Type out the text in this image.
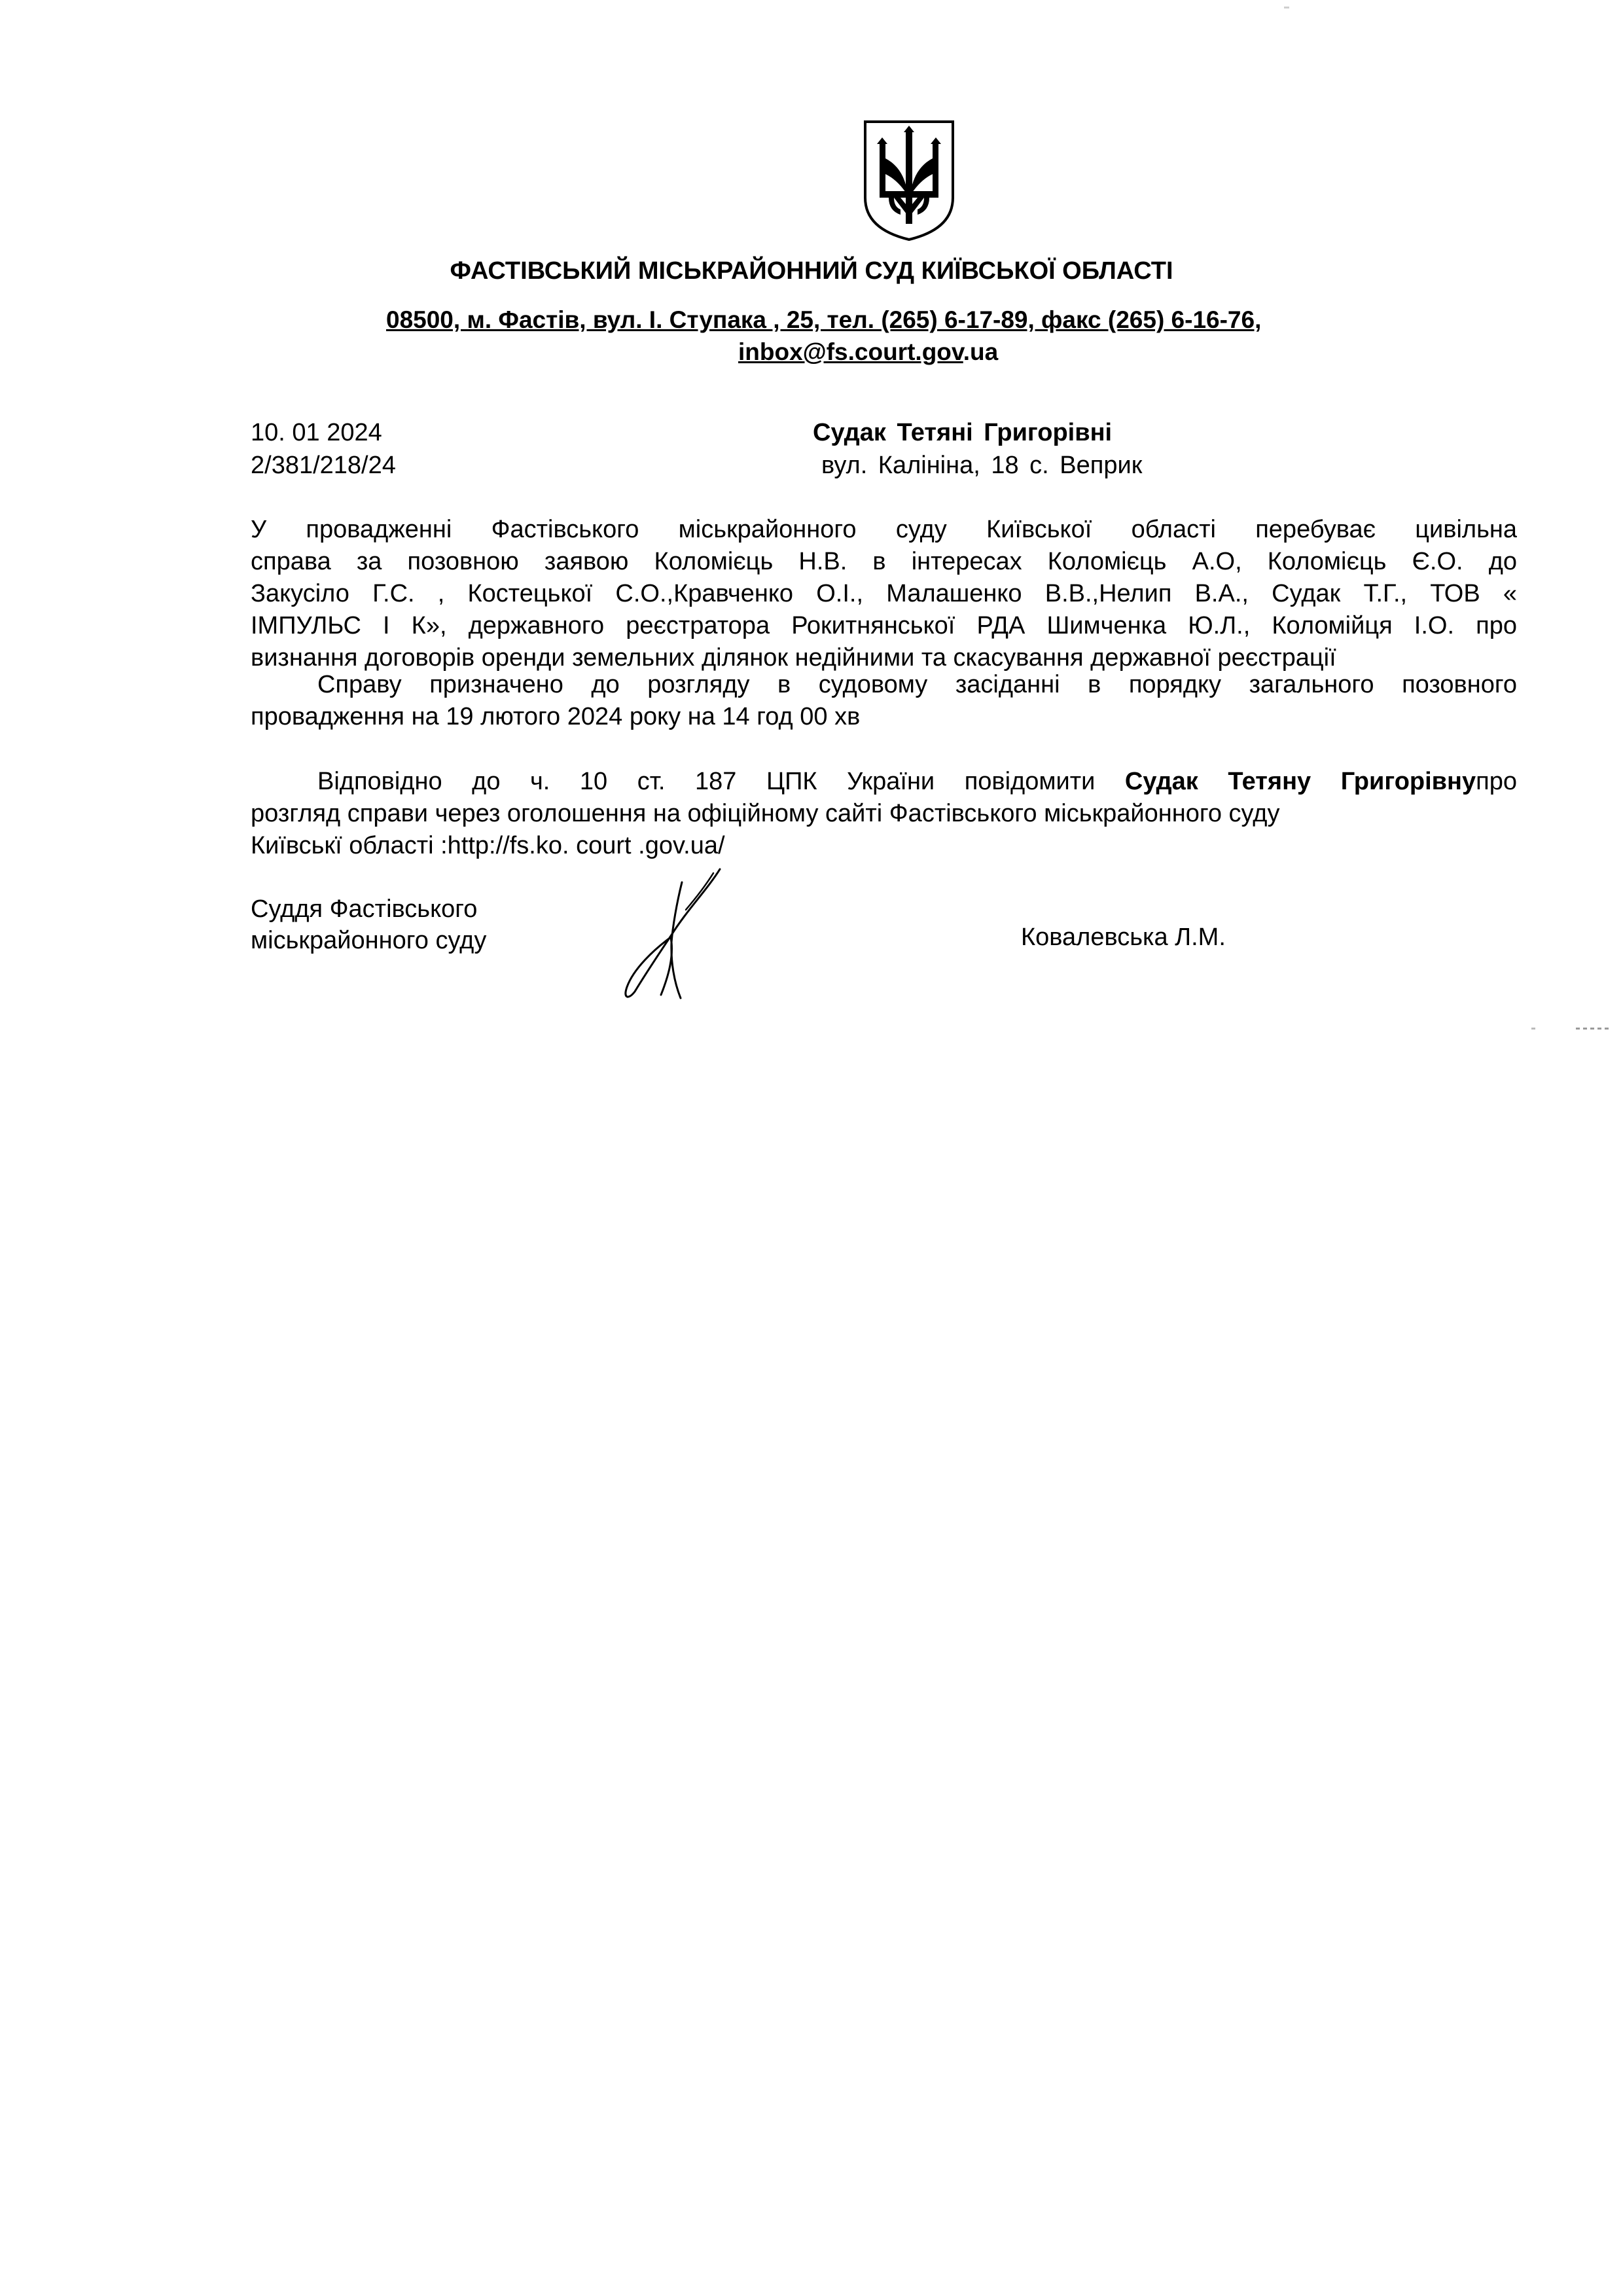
ФАСТІВСЬКИЙ МІСЬКРАЙОННИЙ СУД КИЇВСЬКОЇ ОБЛАСТІ
08500, м. Фастів, вул. І. Ступака , 25, тел. (265) 6-17-89, факс (265) 6-16-76,
inbox@fs.court.gov.ua
10. 01 2024
2/381/218/24
Судак Тетяні Григорівні
вул. Калініна, 18 с. Веприк
У провадженні Фастівського міськрайонного суду Київської області перебуває цивільна
справа за позовною заявою Коломієць Н.В. в інтересах Коломієць А.О, Коломієць Є.О. до
Закусіло Г.С. , Костецької С.О.,Кравченко О.І., Малашенко В.В.,Нелип В.А., Судак Т.Г., ТОВ «
ІМПУЛЬС І К», державного реєстратора Рокитнянської РДА Шимченка Ю.Л., Коломійця І.О. про
визнання договорів оренди земельних ділянок недійними та скасування державної реєстрації
Справу призначено до розгляду в судовому засіданні в порядку загального позовного
провадження на 19 лютого 2024 року на 14 год 00 хв
Відповідно до ч. 10 ст. 187 ЦПК України повідомити Судак Тетяну Григорівнупро
розгляд справи через оголошення на офіційному сайті Фастівського міськрайонного суду
Київськї області :http://fs.ko. court .gov.ua/
Суддя Фастівського
міськрайонного суду	Ковалевська Л.М.
